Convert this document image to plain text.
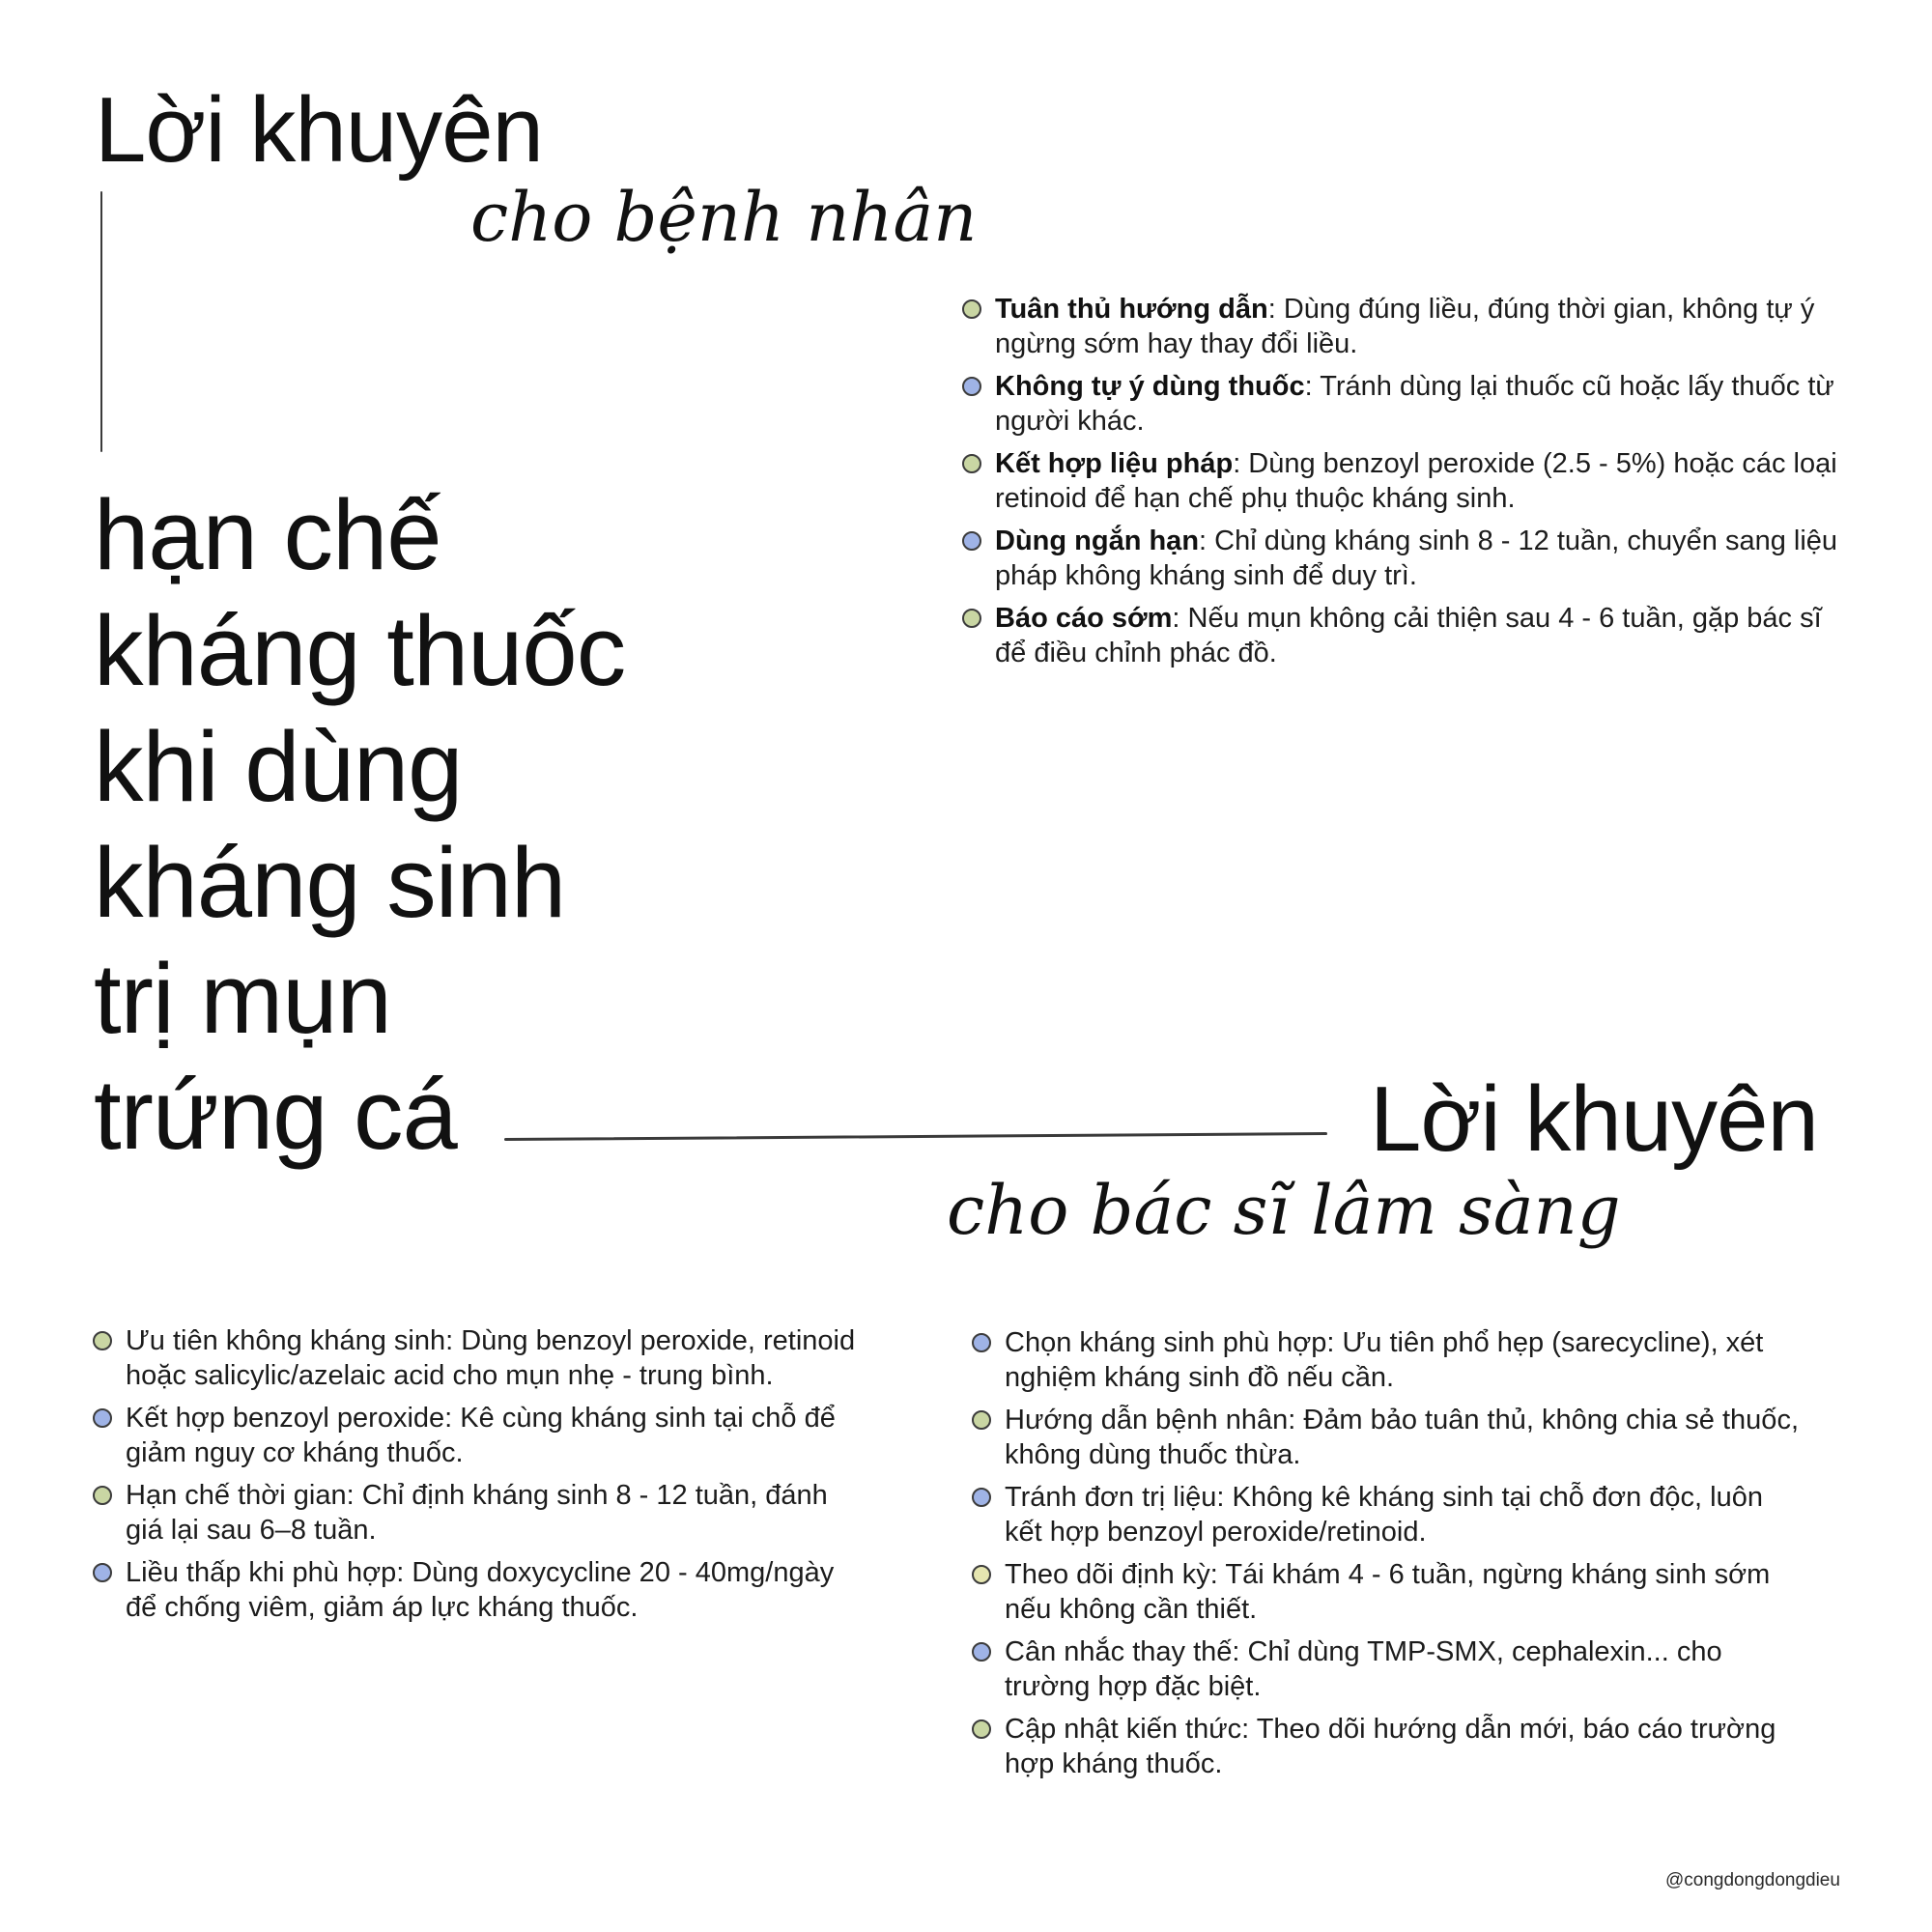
Lời khuyên
cho bệnh nhân
Tuân thủ hướng dẫn: Dùng đúng liều, đúng thời gian, không tự ý ngừng sớm hay thay đổi liều.
Không tự ý dùng thuốc: Tránh dùng lại thuốc cũ hoặc lấy thuốc từ người khác.
Kết hợp liệu pháp: Dùng benzoyl peroxide (2.5 - 5%) hoặc các loại retinoid để hạn chế phụ thuộc kháng sinh.
Dùng ngắn hạn: Chỉ dùng kháng sinh 8 - 12 tuần, chuyển sang liệu pháp không kháng sinh để duy trì.
Báo cáo sớm: Nếu mụn không cải thiện sau 4 - 6 tuần, gặp bác sĩ để điều chỉnh phác đồ.
hạn chế
kháng thuốc
khi dùng
kháng sinh
trị mụn
trứng cá	Lời khuyên
cho bác sĩ lâm sàng
Ưu tiên không kháng sinh: Dùng benzoyl peroxide, retinoid hoặc salicylic/azelaic acid cho mụn nhẹ - trung bình.
Kết hợp benzoyl peroxide: Kê cùng kháng sinh tại chỗ để giảm nguy cơ kháng thuốc.
Hạn chế thời gian: Chỉ định kháng sinh 8 - 12 tuần, đánh giá lại sau 6–8 tuần.
Liều thấp khi phù hợp: Dùng doxycycline 20 - 40mg/ngày để chống viêm, giảm áp lực kháng thuốc.
Chọn kháng sinh phù hợp: Ưu tiên phổ hẹp (sarecycline), xét nghiệm kháng sinh đồ nếu cần.
Hướng dẫn bệnh nhân: Đảm bảo tuân thủ, không chia sẻ thuốc, không dùng thuốc thừa.
Tránh đơn trị liệu: Không kê kháng sinh tại chỗ đơn độc, luôn kết hợp benzoyl peroxide/retinoid.
Theo dõi định kỳ: Tái khám 4 - 6 tuần, ngừng kháng sinh sớm nếu không cần thiết.
Cân nhắc thay thế: Chỉ dùng TMP-SMX, cephalexin... cho trường hợp đặc biệt.
Cập nhật kiến thức: Theo dõi hướng dẫn mới, báo cáo trường hợp kháng thuốc.
@congdongdongdieu
